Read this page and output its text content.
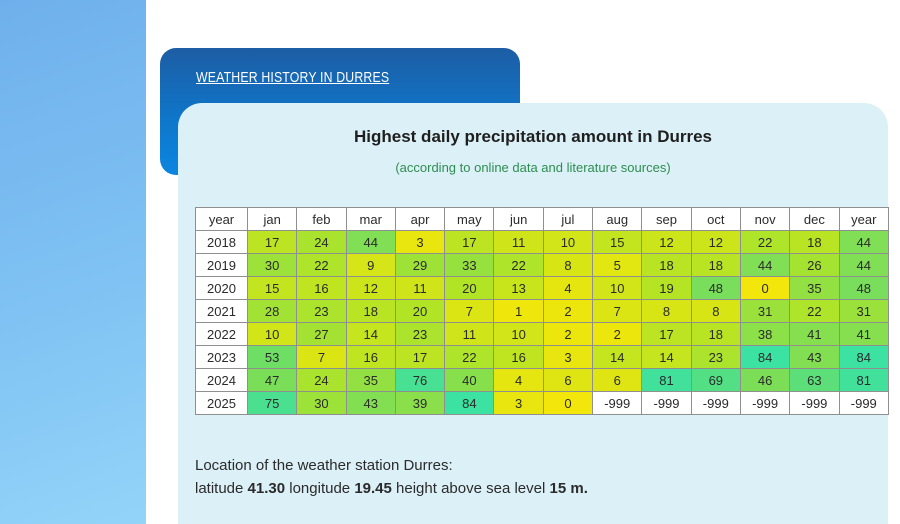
WEATHER HISTORY IN DURRES
Highest daily precipitation amount in Durres
(according to online data and literature sources)
year	jan	feb	mar	apr	may	jun	jul	aug	sep	oct	nov	dec	year
2018	17	24	44	3	17	11	10	15	12	12	22	18	44
2019	30	22	9	29	33	22	8	5	18	18	44	26	44
2020	15	16	12	11	20	13	4	10	19	48	0	35	48
2021	28	23	18	20	7	1	2	7	8	8	31	22	31
2022	10	27	14	23	11	10	2	2	17	18	38	41	41
2023	53	7	16	17	22	16	3	14	14	23	84	43	84
2024	47	24	35	76	40	4	6	6	81	69	46	63	81
2025	75	30	43	39	84	3	0	-999	-999	-999	-999	-999	-999
Location of the weather station Durres:
latitude 41.30 longitude 19.45 height above sea level 15 m.
